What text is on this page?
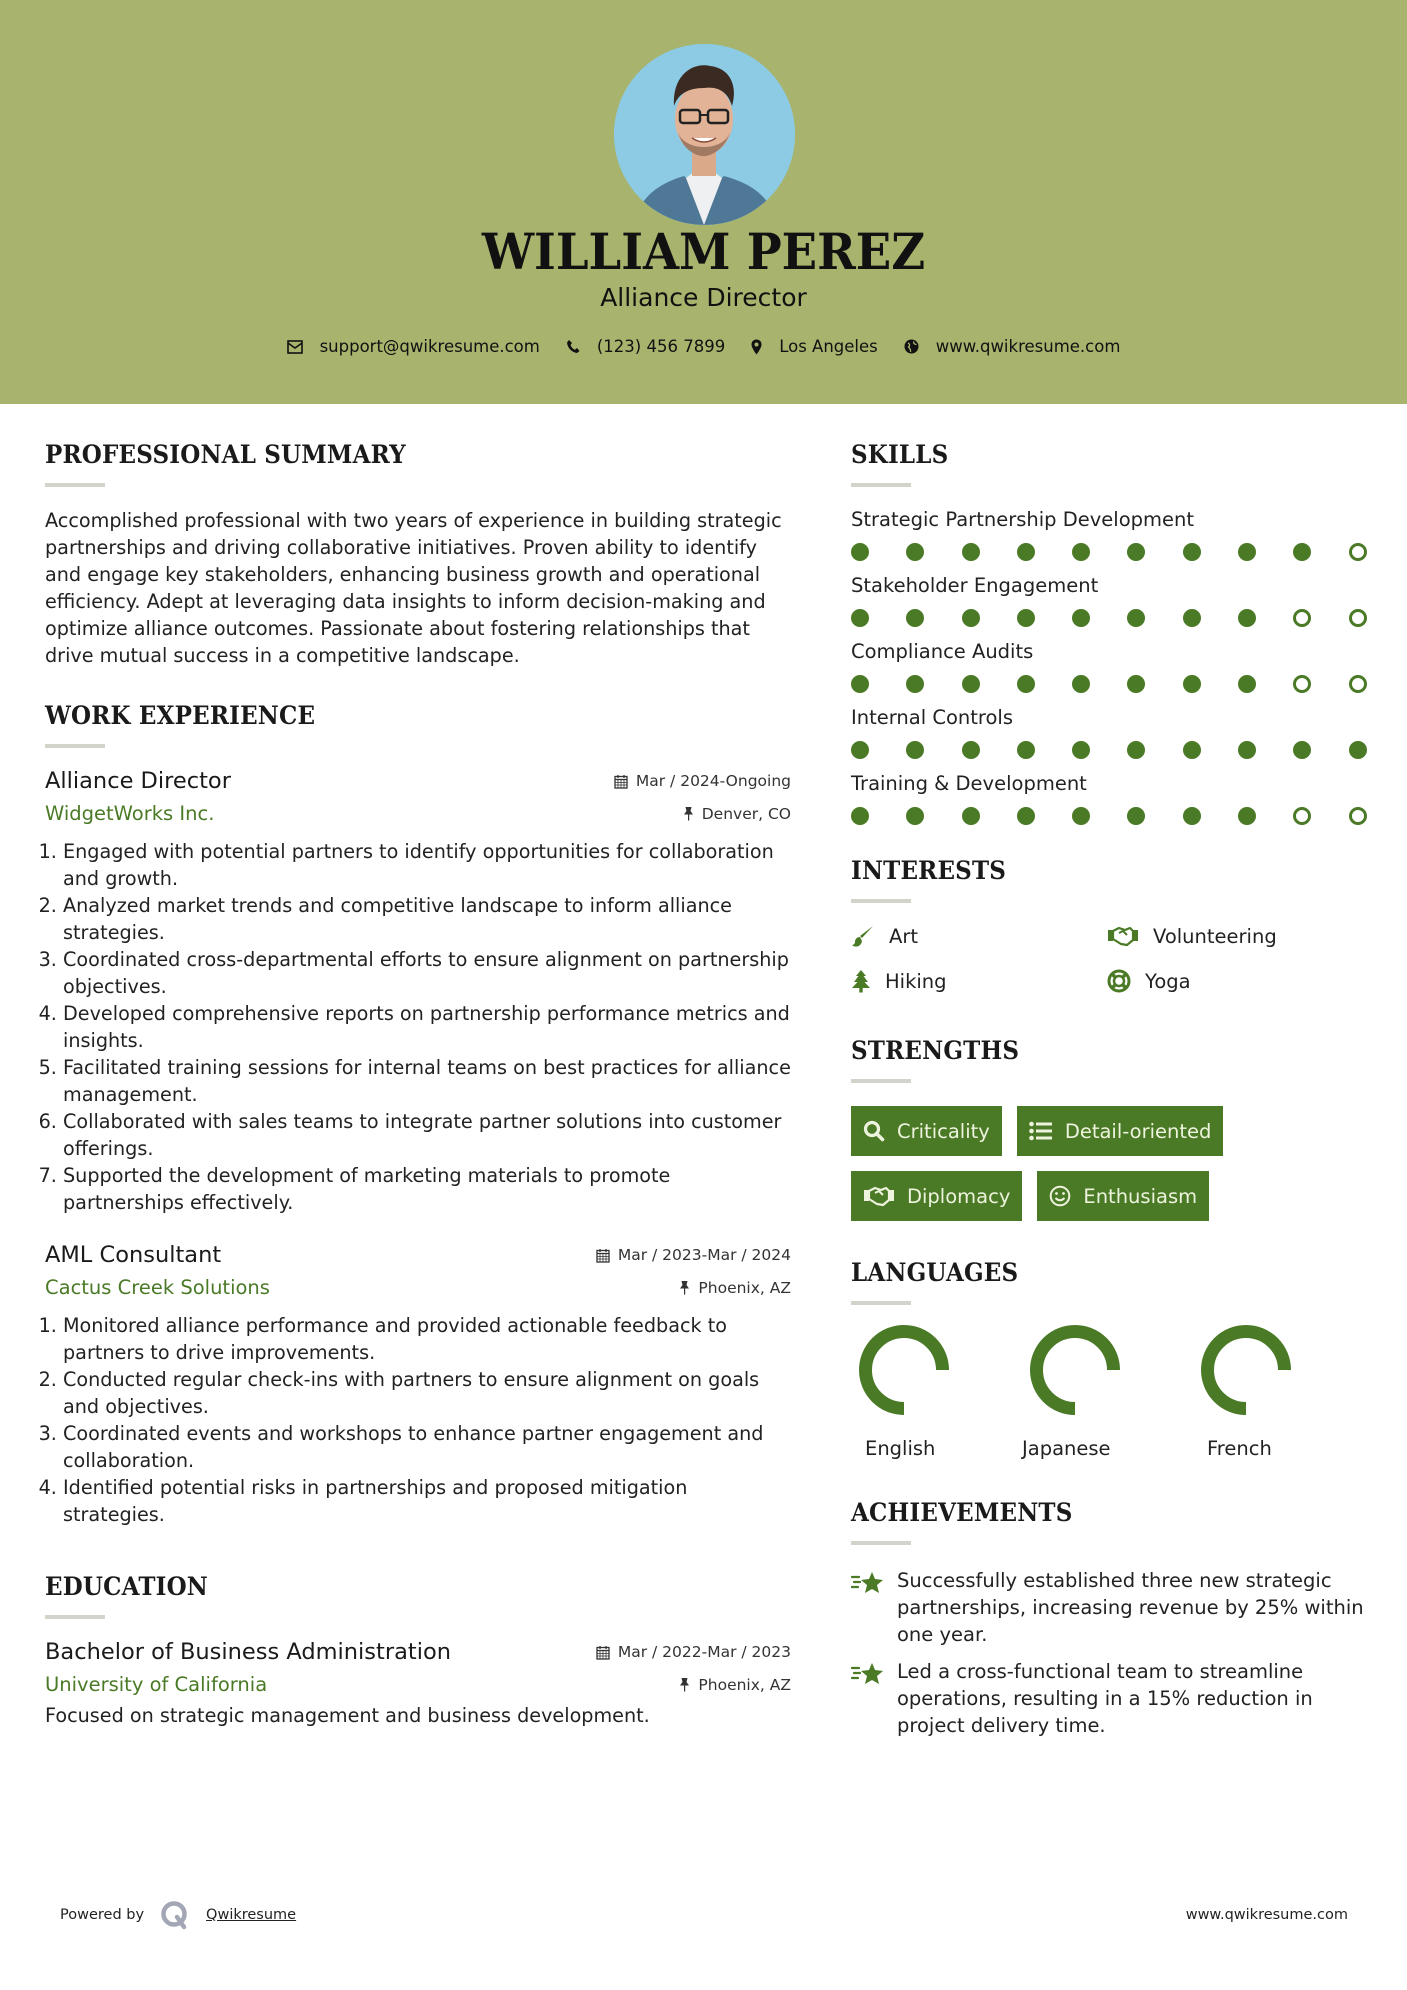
WILLIAM PEREZ
Alliance Director
support@qwikresume.com	(123) 456 7899	Los Angeles	www.qwikresume.com
PROFESSIONAL SUMMARY

Accomplished professional with two years of experience in building strategic partnerships and driving collaborative initiatives. Proven ability to identify and engage key stakeholders, enhancing business growth and operational efficiency. Adept at leveraging data insights to inform decision-making and optimize alliance outcomes. Passionate about fostering relationships that drive mutual success in a competitive landscape.

WORK EXPERIENCE
Alliance Director	Mar / 2024-Ongoing
WidgetWorks Inc.	Denver, CO
1. Engaged with potential partners to identify opportunities for collaboration and growth.
2. Analyzed market trends and competitive landscape to inform alliance strategies.
3. Coordinated cross-departmental efforts to ensure alignment on partnership objectives.
4. Developed comprehensive reports on partnership performance metrics and insights.
5. Facilitated training sessions for internal teams on best practices for alliance management.
6. Collaborated with sales teams to integrate partner solutions into customer offerings.
7. Supported the development of marketing materials to promote partnerships effectively.
AML Consultant	Mar / 2023-Mar / 2024
Cactus Creek Solutions	Phoenix, AZ
1. Monitored alliance performance and provided actionable feedback to partners to drive improvements.
2. Conducted regular check-ins with partners to ensure alignment on goals and objectives.
3. Coordinated events and workshops to enhance partner engagement and collaboration.
4. Identified potential risks in partnerships and proposed mitigation strategies.
EDUCATION
Bachelor of Business Administration	Mar / 2022-Mar / 2023
University of California	Phoenix, AZ

Focused on strategic management and business development.

SKILLS
Strategic Partnership Development
Stakeholder Engagement
Compliance Audits
Internal Controls
Training & Development
INTERESTS
Art	Volunteering
Hiking	Yoga
STRENGTHS
Criticality	Detail-oriented
Diplomacy	Enthusiasm
LANGUAGES
English	Japanese	French
ACHIEVEMENTS
Successfully established three new strategic partnerships, increasing revenue by 25% within one year.
Led a cross-functional team to streamline operations, resulting in a 15% reduction in project delivery time.
Powered by	Qwikresume	www.qwikresume.com
